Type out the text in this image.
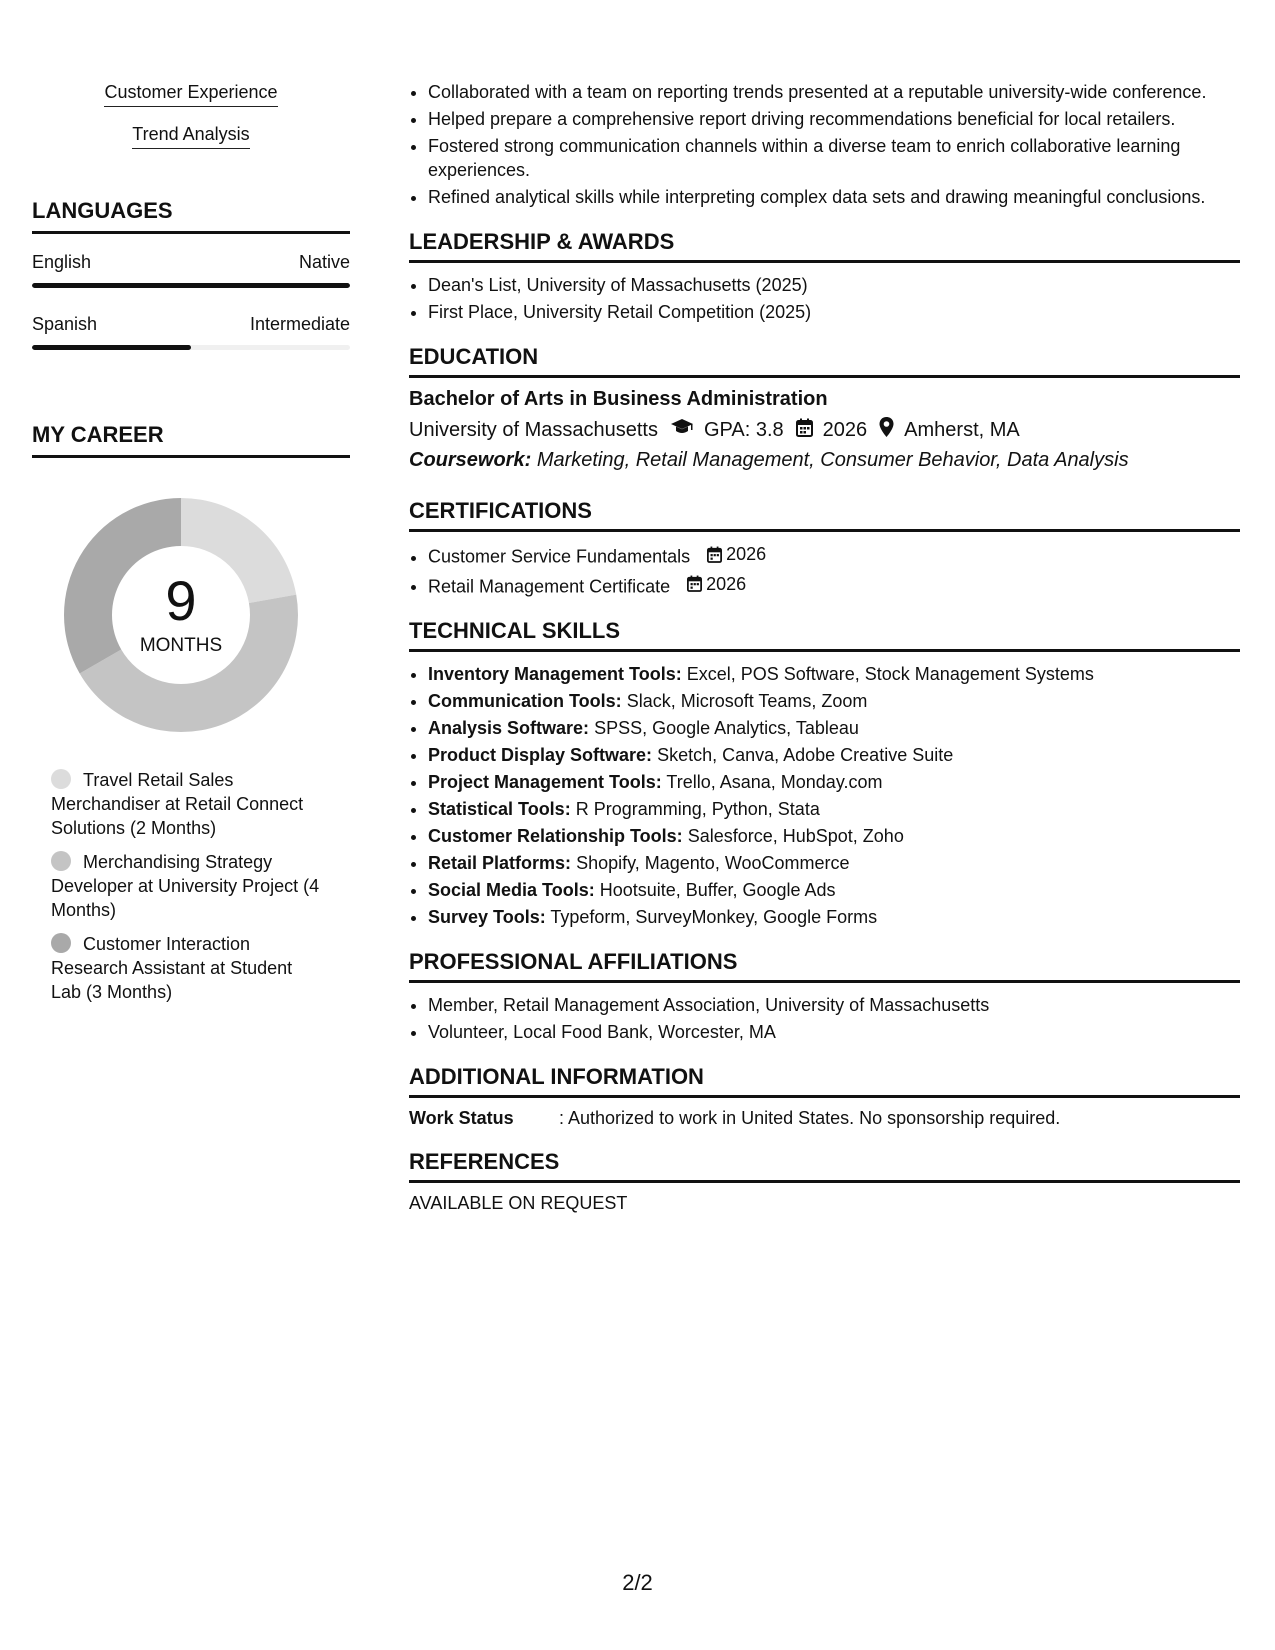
Customer Experience
Trend Analysis
LANGUAGES
English	Native
Spanish	Intermediate
MY CAREER
9
MONTHS
Travel Retail Sales Merchandiser at Retail Connect Solutions (2 Months)
Merchandising Strategy Developer at University Project (4 Months)
Customer Interaction Research Assistant at Student Lab (3 Months)
• Collaborated with a team on reporting trends presented at a reputable university-wide conference.
• Helped prepare a comprehensive report driving recommendations beneficial for local retailers.
• Fostered strong communication channels within a diverse team to enrich collaborative learning experiences.
• Refined analytical skills while interpreting complex data sets and drawing meaningful conclusions.
LEADERSHIP & AWARDS
• Dean's List, University of Massachusetts (2025)
• First Place, University Retail Competition (2025)
EDUCATION
Bachelor of Arts in Business Administration
University of Massachusetts GPA: 3.8 2026 Amherst, MA
Coursework: Marketing, Retail Management, Consumer Behavior, Data Analysis
CERTIFICATIONS
• Customer Service Fundamentals 2026
• Retail Management Certificate 2026
TECHNICAL SKILLS
• Inventory Management Tools: Excel, POS Software, Stock Management Systems
• Communication Tools: Slack, Microsoft Teams, Zoom
• Analysis Software: SPSS, Google Analytics, Tableau
• Product Display Software: Sketch, Canva, Adobe Creative Suite
• Project Management Tools: Trello, Asana, Monday.com
• Statistical Tools: R Programming, Python, Stata
• Customer Relationship Tools: Salesforce, HubSpot, Zoho
• Retail Platforms: Shopify, Magento, WooCommerce
• Social Media Tools: Hootsuite, Buffer, Google Ads
• Survey Tools: Typeform, SurveyMonkey, Google Forms
PROFESSIONAL AFFILIATIONS
• Member, Retail Management Association, University of Massachusetts
• Volunteer, Local Food Bank, Worcester, MA
ADDITIONAL INFORMATION
Work Status	: Authorized to work in United States. No sponsorship required.
REFERENCES
AVAILABLE ON REQUEST
2/2
